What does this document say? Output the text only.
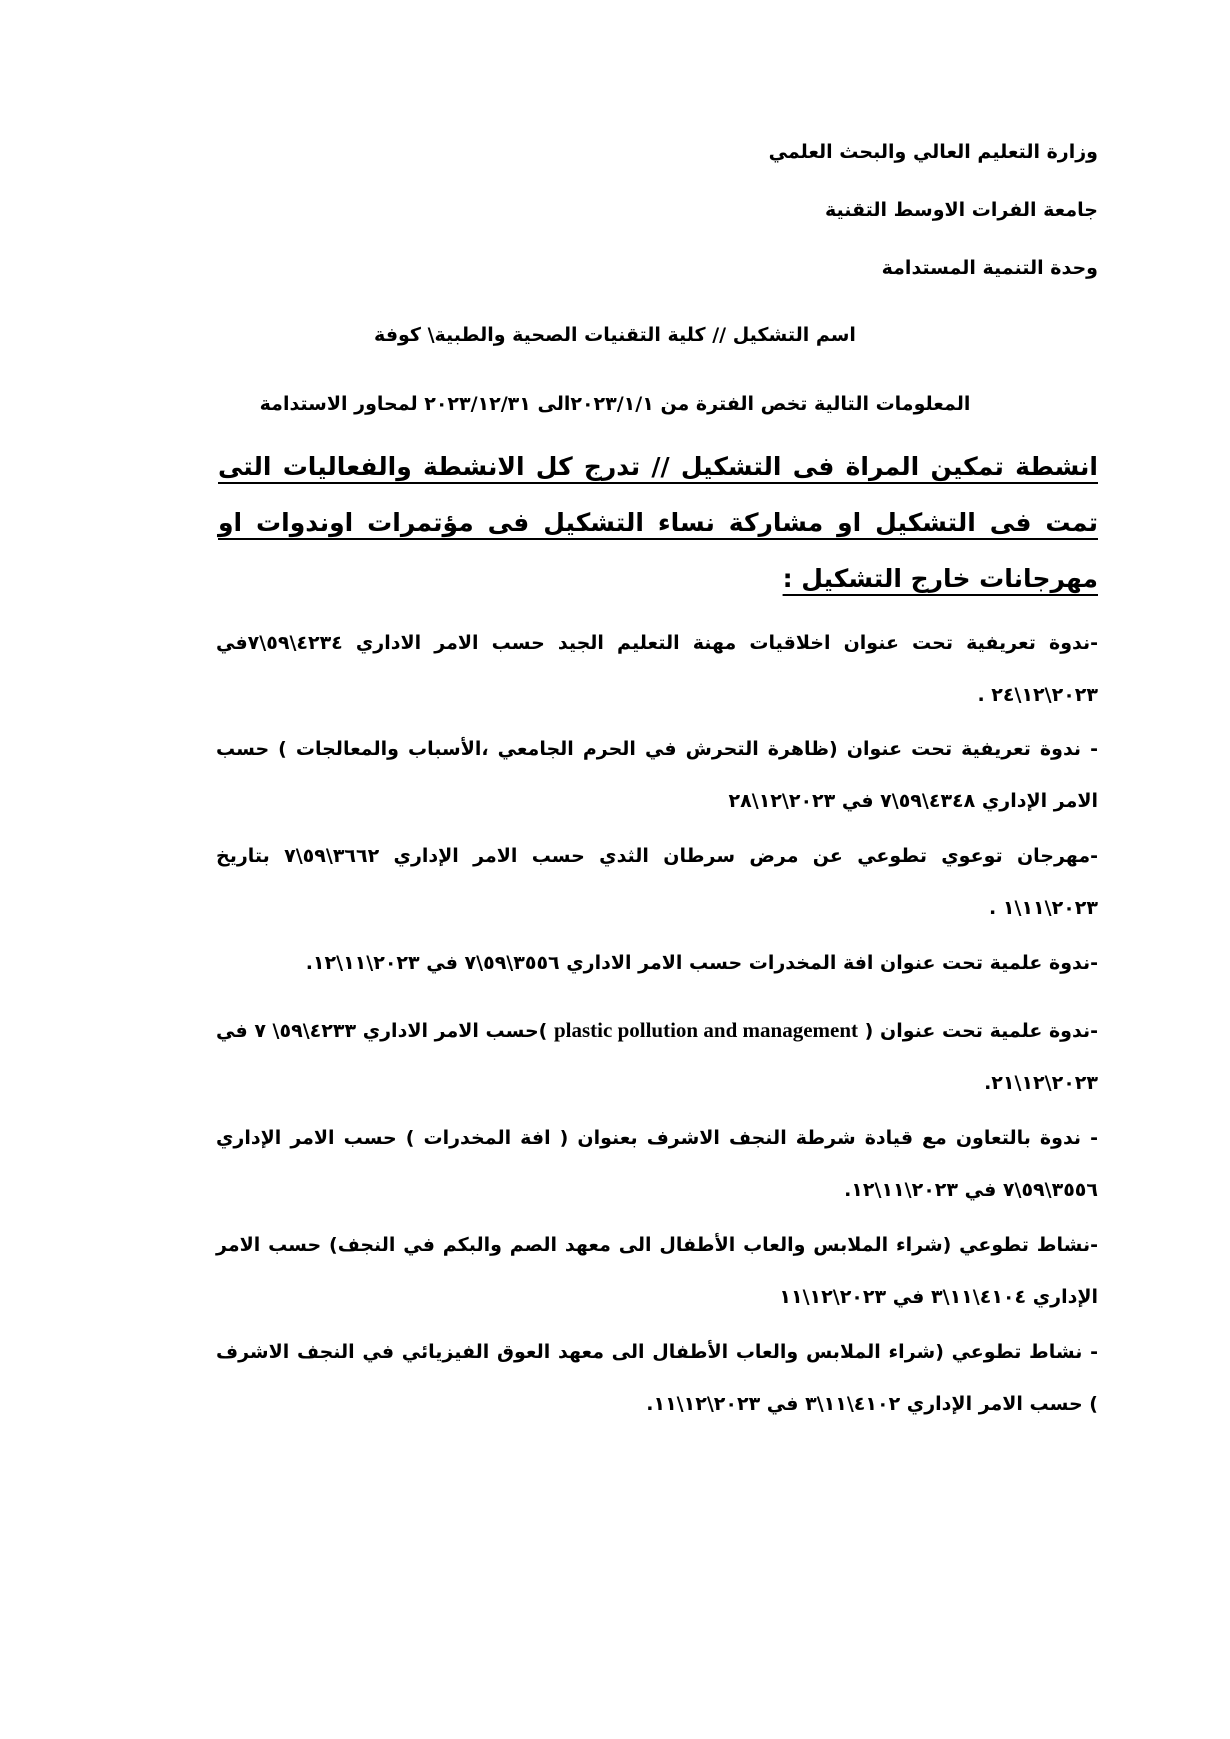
وزارة التعليم العالي والبحث العلمي
جامعة الفرات الاوسط التقنية
وحدة التنمية المستدامة
اسم التشكيل // كلية التقنيات الصحية والطبية\ كوفة
المعلومات التالية تخص الفترة من ٢٠٢٣/١/١الى ٢٠٢٣/١٢/٣١ لمحاور الاستدامة
انشطة تمكين المراة فى التشكيل // تدرج كل الانشطة والفعاليات التى تمت فى التشكيل او مشاركة نساء التشكيل فى مؤتمرات اوندوات او مهرجانات خارج التشكيل :
-ندوة تعريفية تحت عنوان اخلاقيات مهنة التعليم الجيد حسب الامر الاداري ٤٢٣٤\٥٩\٧في ٢٠٢٣\١٢\٢٤ .
- ندوة تعريفية تحت عنوان (ظاهرة التحرش في الحرم الجامعي ،الأسباب والمعالجات ) حسب الامر الإداري ٤٣٤٨\٥٩\٧ في ٢٠٢٣\١٢\٢٨
-مهرجان توعوي تطوعي عن مرض سرطان الثدي حسب الامر الإداري ٣٦٦٢\٥٩\٧ بتاريخ ٢٠٢٣\١١\١ .
-ندوة علمية تحت عنوان افة المخدرات حسب الامر الاداري ٣٥٥٦\٥٩\٧ في ٢٠٢٣\١١\١٢.
-ندوة علمية تحت عنوان ( plastic pollution and management )حسب الامر الاداري ٤٢٣٣\٥٩\ ٧ في ٢٠٢٣\١٢\٢١.
- ندوة بالتعاون مع قيادة شرطة النجف الاشرف بعنوان ( افة المخدرات ) حسب الامر الإداري ٣٥٥٦\٥٩\٧ في ٢٠٢٣\١١\١٢.
-نشاط تطوعي (شراء الملابس والعاب الأطفال الى معهد الصم والبكم في النجف) حسب الامر الإداري ٤١٠٤\١١\٣ في ٢٠٢٣\١٢\١١
- نشاط تطوعي (شراء الملابس والعاب الأطفال الى معهد العوق الفيزيائي في النجف الاشرف ) حسب الامر الإداري ٤١٠٢\١١\٣ في ٢٠٢٣\١٢\١١.
